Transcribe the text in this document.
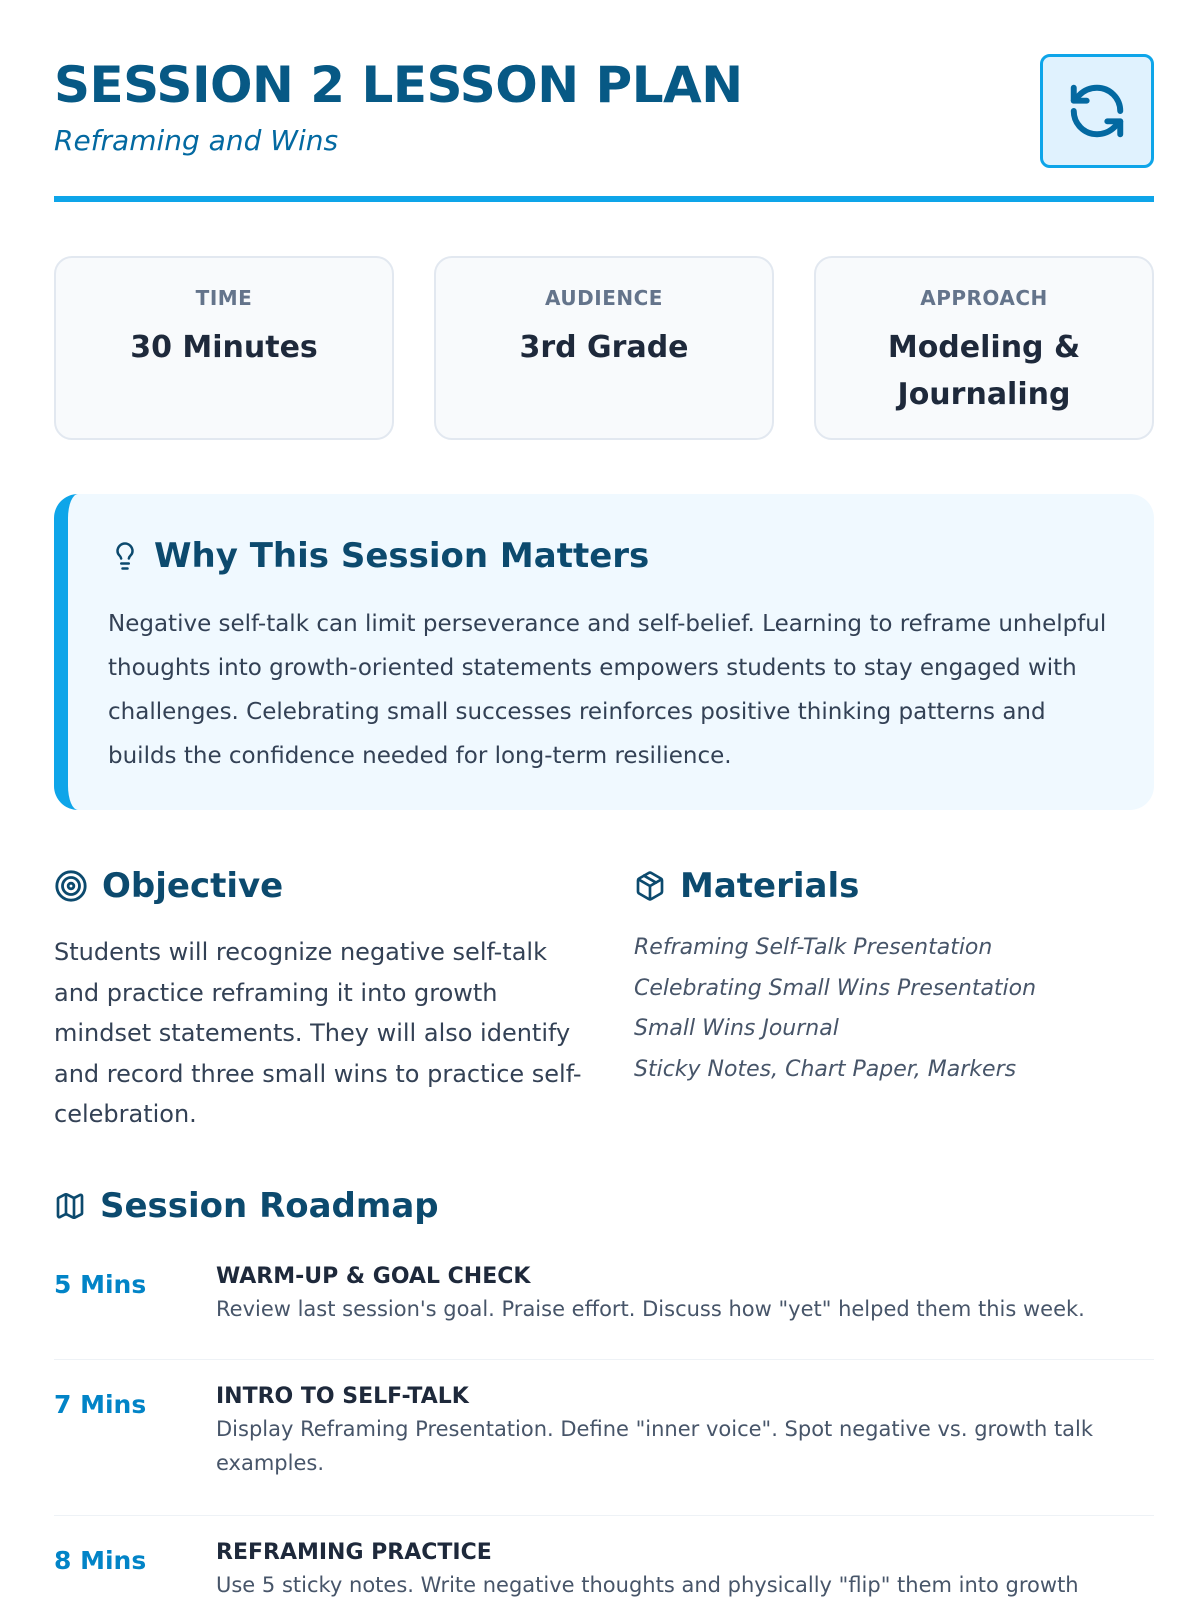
SESSION 2 LESSON PLAN
Reframing and Wins
TIME
30 Minutes
AUDIENCE
3rd Grade
APPROACH
Modeling & Journaling
Why This Session Matters

Negative self-talk can limit perseverance and self-belief. Learning to reframe unhelpful thoughts into growth-oriented statements empowers students to stay engaged with challenges. Celebrating small successes reinforces positive thinking patterns and builds the confidence needed for long-term resilience.

Objective

Students will recognize negative self-talk and practice reframing it into growth mindset statements. They will also identify and record three small wins to practice self-celebration.

Materials
Reframing Self-Talk Presentation
Celebrating Small Wins Presentation
Small Wins Journal
Sticky Notes, Chart Paper, Markers
Session Roadmap
5 Mins	WARM-UP & GOAL CHECK
Review last session's goal. Praise effort. Discuss how "yet" helped them this week.
7 Mins	INTRO TO SELF-TALK
Display Reframing Presentation. Define "inner voice". Spot negative vs. growth talk examples.
8 Mins	REFRAMING PRACTICE
Use 5 sticky notes. Write negative thoughts and physically "flip" them into growth
